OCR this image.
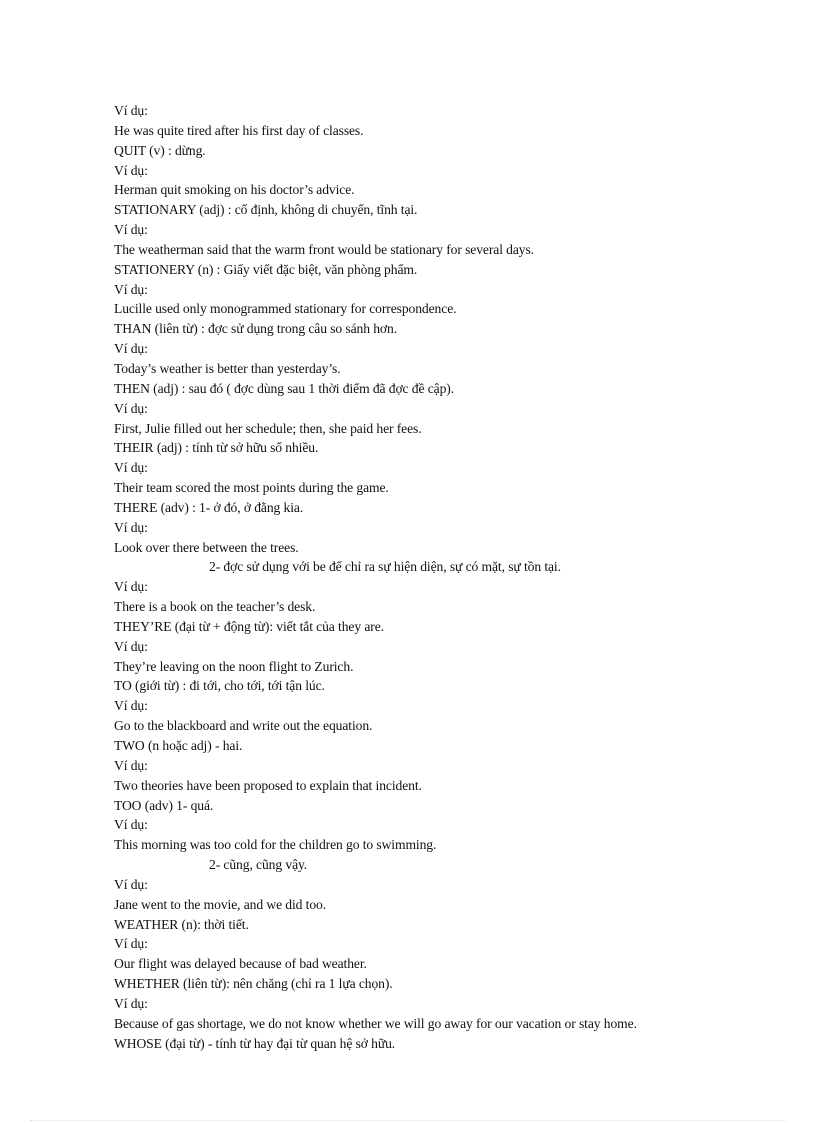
Ví dụ:
He was quite tired after his first day of classes.
QUIT (v) : dừng.
Ví dụ:
Herman quit smoking on his doctor’s advice.
STATIONARY (adj) : cố định, không di chuyển, tĩnh tại.
Ví dụ:
The weatherman said that the warm front would be stationary for several days.
STATIONERY (n) : Giấy viết đặc biệt, văn phòng phẩm.
Ví dụ:
Lucille used only monogrammed stationary for correspondence.
THAN (liên từ) : đợc sử dụng trong câu so sánh hơn.
Ví dụ:
Today’s weather is better than yesterday’s.
THEN (adj) : sau đó ( đợc dùng sau 1 thời điểm đã đợc đề cập).
Ví dụ:
First, Julie filled out her schedule; then, she paid her fees.
THEIR (adj) : tính từ sở hữu số nhiều.
Ví dụ:
Their team scored the most points during the game.
THERE (adv) : 1- ở đó, ở đằng kia.
Ví dụ:
Look over there between the trees.
2- đợc sử dụng với be để chỉ ra sự hiện diện, sự có mặt, sự tồn tại.
Ví dụ:
There is a book on the teacher’s desk.
THEY’RE (đại từ + động từ): viết tắt của they are.
Ví dụ:
They’re leaving on the noon flight to Zurich.
TO (giới từ) : đi tới, cho tới, tới tận lúc.
Ví dụ:
Go to the blackboard and write out the equation.
TWO (n hoặc adj) - hai.
Ví dụ:
Two theories have been proposed to explain that incident.
TOO (adv) 1- quá.
Ví dụ:
This morning was too cold for the children go to swimming.
2- cũng, cũng vậy.
Ví dụ:
Jane went to the movie, and we did too.
WEATHER (n): thời tiết.
Ví dụ:
Our flight was delayed because of bad weather.
WHETHER (liên từ): nên chăng (chỉ ra 1 lựa chọn).
Ví dụ:
Because of gas shortage, we do not know whether we will go away for our vacation or stay home.
WHOSE (đại từ) - tính từ hay đại từ quan hệ sở hữu.
